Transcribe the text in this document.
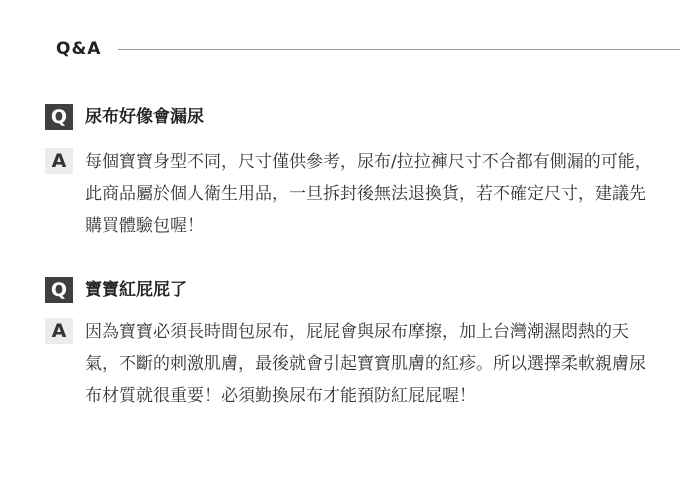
Q&A
Q	尿布好像會漏尿
A	每個寶寶身型不同，尺寸僅供參考，尿布/拉拉褲尺寸不合都有側漏的可能，此商品屬於個人衛生用品，一旦拆封後無法退換貨，若不確定尺寸，建議先購買體驗包喔！
Q	寶寶紅屁屁了
A	因為寶寶必須長時間包尿布，屁屁會與尿布摩擦，加上台灣潮濕悶熱的天氣，不斷的刺激肌膚，最後就會引起寶寶肌膚的紅疹。所以選擇柔軟親膚尿布材質就很重要！必須勤換尿布才能預防紅屁屁喔！
